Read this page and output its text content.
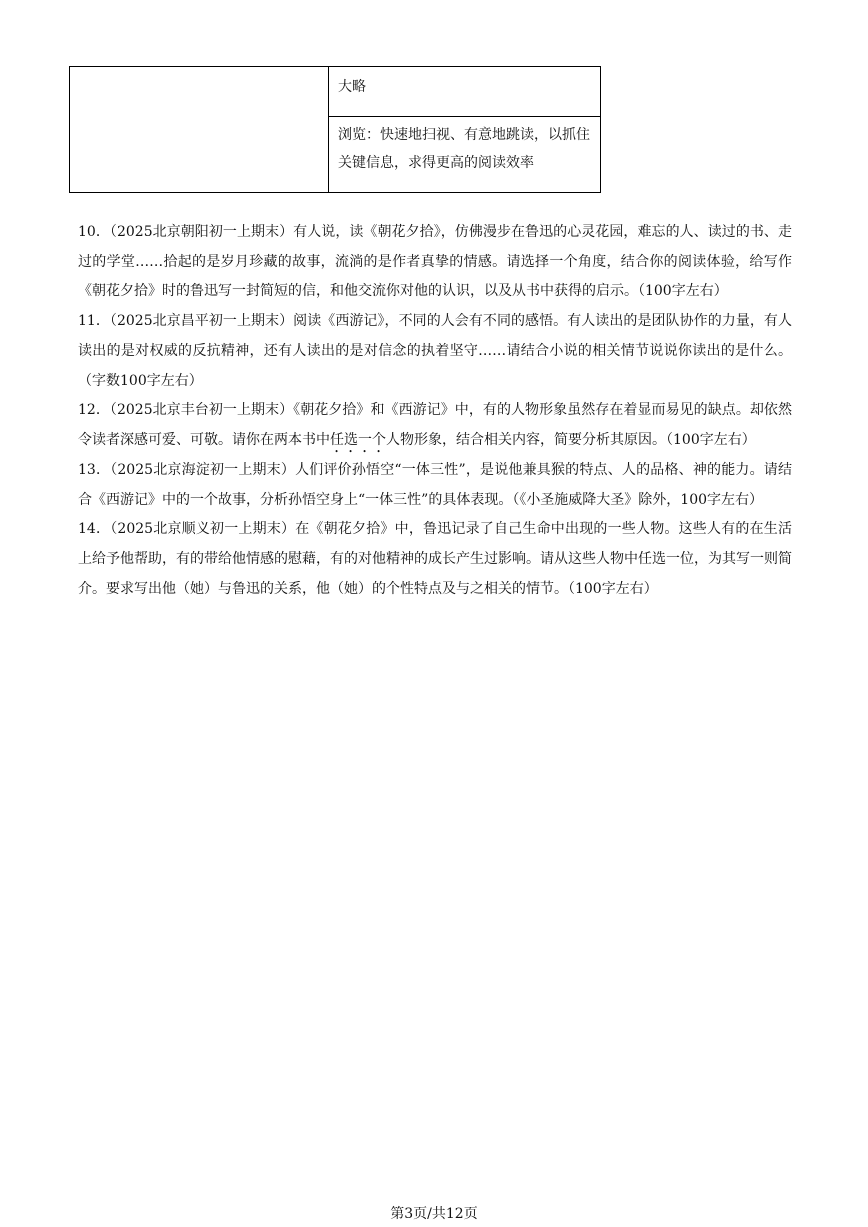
大略
浏览：快速地扫视、有意地跳读，以抓住关键信息，求得更高的阅读效率

10．（2025北京朝阳初一上期末）有人说，读《朝花夕拾》，仿佛漫步在鲁迅的心灵花园，难忘的人、读过的书、走过的学堂……拾起的是岁月珍藏的故事，流淌的是作者真挚的情感。请选择一个角度，结合你的阅读体验，给写作《朝花夕拾》时的鲁迅写一封简短的信，和他交流你对他的认识，以及从书中获得的启示。（100字左右）

11．（2025北京昌平初一上期末）阅读《西游记》，不同的人会有不同的感悟。有人读出的是团队协作的力量，有人读出的是对权威的反抗精神，还有人读出的是对信念的执着坚守……请结合小说的相关情节说说你读出的是什么。（字数100字左右）

12．（2025北京丰台初一上期末）《朝花夕拾》和《西游记》中，有的人物形象虽然存在着显而易见的缺点。却依然令读者深感可爱、可敬。请你在两本书中任选一个人物形象，结合相关内容，简要分析其原因。（100字左右）

13．（2025北京海淀初一上期末）人们评价孙悟空“一体三性”，是说他兼具猴的特点、人的品格、神的能力。请结合《西游记》中的一个故事，分析孙悟空身上“一体三性”的具体表现。（《小圣施威降大圣》除外，100字左右）

14．（2025北京顺义初一上期末）在《朝花夕拾》中，鲁迅记录了自己生命中出现的一些人物。这些人有的在生活上给予他帮助，有的带给他情感的慰藉，有的对他精神的成长产生过影响。请从这些人物中任选一位，为其写一则简介。要求写出他（她）与鲁迅的关系，他（她）的个性特点及与之相关的情节。（100字左右）

第3页/共12页
